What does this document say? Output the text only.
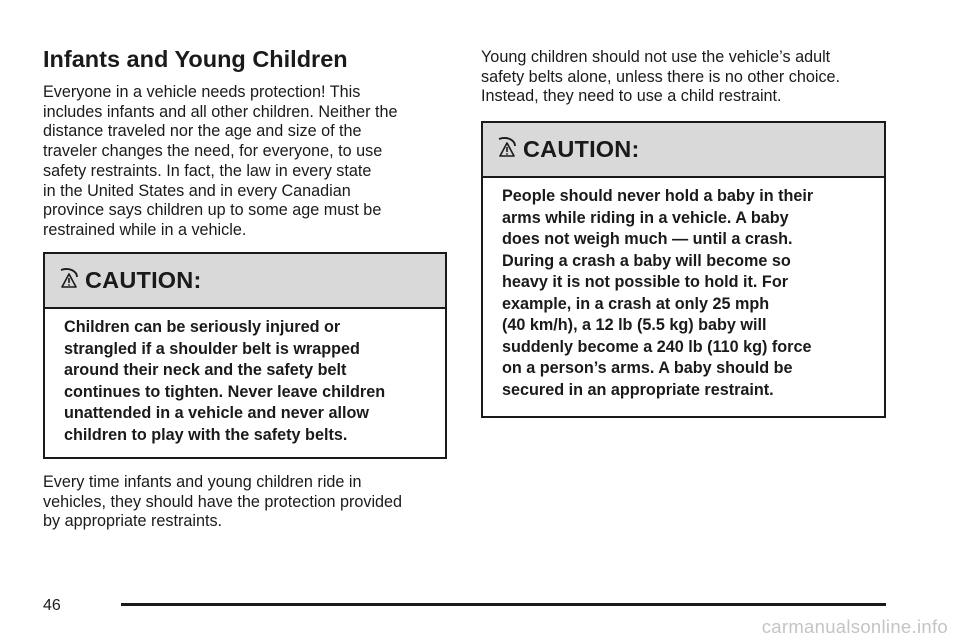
Infants and Young Children

Everyone in a vehicle needs protection! This
includes infants and all other children. Neither the
distance traveled nor the age and size of the
traveler changes the need, for everyone, to use
safety restraints. In fact, the law in every state
in the United States and in every Canadian
province says children up to some age must be
restrained while in a vehicle.

CAUTION:

Children can be seriously injured or
strangled if a shoulder belt is wrapped
around their neck and the safety belt
continues to tighten. Never leave children
unattended in a vehicle and never allow
children to play with the safety belts.

Every time infants and young children ride in
vehicles, they should have the protection provided
by appropriate restraints.

Young children should not use the vehicle’s adult
safety belts alone, unless there is no other choice.
Instead, they need to use a child restraint.

CAUTION:

People should never hold a baby in their
arms while riding in a vehicle. A baby
does not weigh much — until a crash.
During a crash a baby will become so
heavy it is not possible to hold it. For
example, in a crash at only 25 mph
(40 km/h), a 12 lb (5.5 kg) baby will
suddenly become a 240 lb (110 kg) force
on a person’s arms. A baby should be
secured in an appropriate restraint.

46
carmanualsonline.info
